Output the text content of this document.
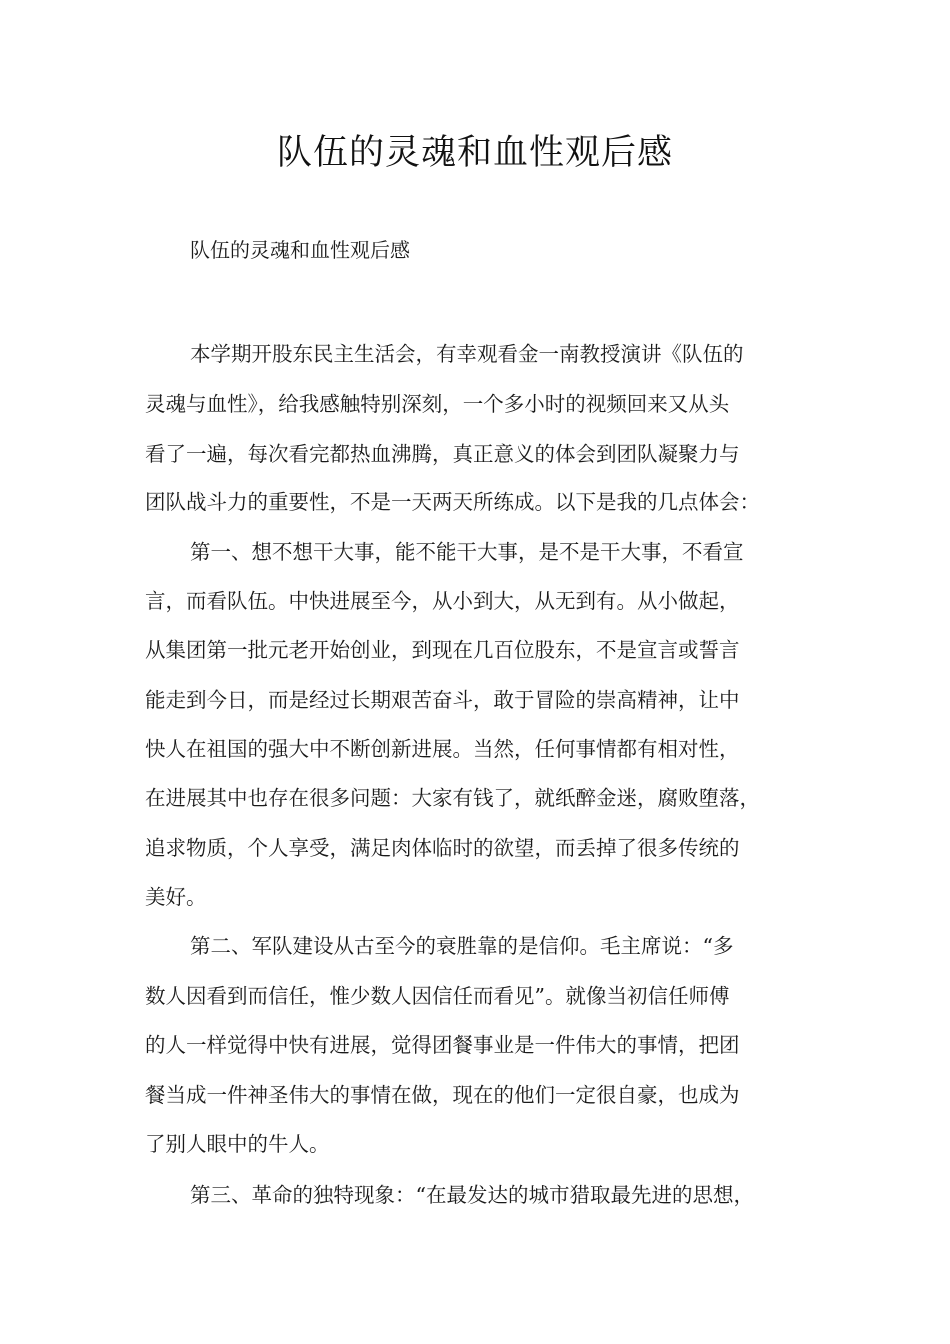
队伍的灵魂和血性观后感

队伍的灵魂和血性观后感

本学期开股东民主生活会，有幸观看金一南教授演讲《队伍的

灵魂与血性》，给我感触特别深刻，一个多小时的视频回来又从头

看了一遍，每次看完都热血沸腾，真正意义的体会到团队凝聚力与

团队战斗力的重要性，不是一天两天所练成。以下是我的几点体会：

第一、想不想干大事，能不能干大事，是不是干大事，不看宣

言，而看队伍。中快进展至今，从小到大，从无到有。从小做起，

从集团第一批元老开始创业，到现在几百位股东，不是宣言或誓言

能走到今日，而是经过长期艰苦奋斗，敢于冒险的崇高精神，让中

快人在祖国的强大中不断创新进展。当然，任何事情都有相对性，

在进展其中也存在很多问题：大家有钱了，就纸醉金迷，腐败堕落，

追求物质，个人享受，满足肉体临时的欲望，而丢掉了很多传统的

美好。

第二、军队建设从古至今的衰胜靠的是信仰。毛主席说：“多

数人因看到而信任，惟少数人因信任而看见”。就像当初信任师傅

的人一样觉得中快有进展，觉得团餐事业是一件伟大的事情，把团

餐当成一件神圣伟大的事情在做，现在的他们一定很自豪，也成为

了别人眼中的牛人。

第三、革命的独特现象：“在最发达的城市猎取最先进的思想，
